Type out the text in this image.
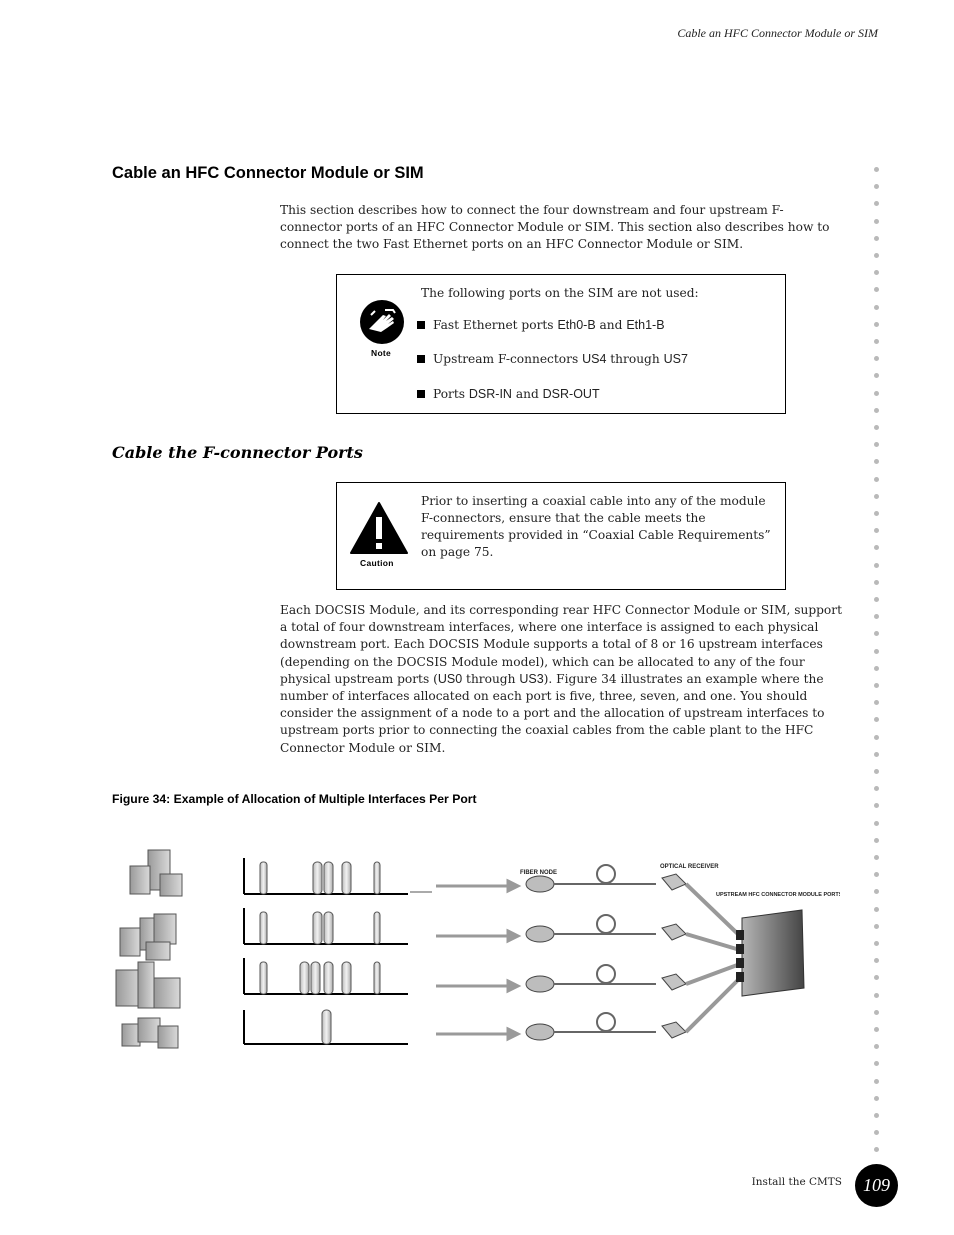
Cable an HFC Connector Module or SIM
Cable an HFC Connector Module or SIM
This section describes how to connect the four downstream and four upstream F-connector ports of an HFC Connector Module or SIM. This section also describes how to connect the two Fast Ethernet ports on an HFC Connector Module or SIM.
Note
The following ports on the SIM are not used:
Fast Ethernet ports Eth0-B and Eth1-B
Upstream F-connectors US4 through US7
Ports DSR-IN and DSR-OUT
Cable the F-connector Ports
Caution
Prior to inserting a coaxial cable into any of the module F-connectors, ensure that the cable meets the requirements provided in “Coaxial Cable Requirements” on page 75.
Each DOCSIS Module, and its corresponding rear HFC Connector Module or SIM, support a total of four downstream interfaces, where one interface is assigned to each physical downstream port. Each DOCSIS Module supports a total of 8 or 16 upstream interfaces (depending on the DOCSIS Module model), which can be allocated to any of the four physical upstream ports (US0 through US3). Figure 34 illustrates an example where the number of interfaces allocated on each port is five, three, seven, and one. You should consider the assignment of a node to a port and the allocation of upstream interfaces to upstream ports prior to connecting the coaxial cables from the cable plant to the HFC Connector Module or SIM.
Figure 34: Example of Allocation of Multiple Interfaces Per Port
FIBER NODE
OPTICAL RECEIVER
UPSTREAM HFC CONNECTOR MODULE PORTS
Install the CMTS	109
